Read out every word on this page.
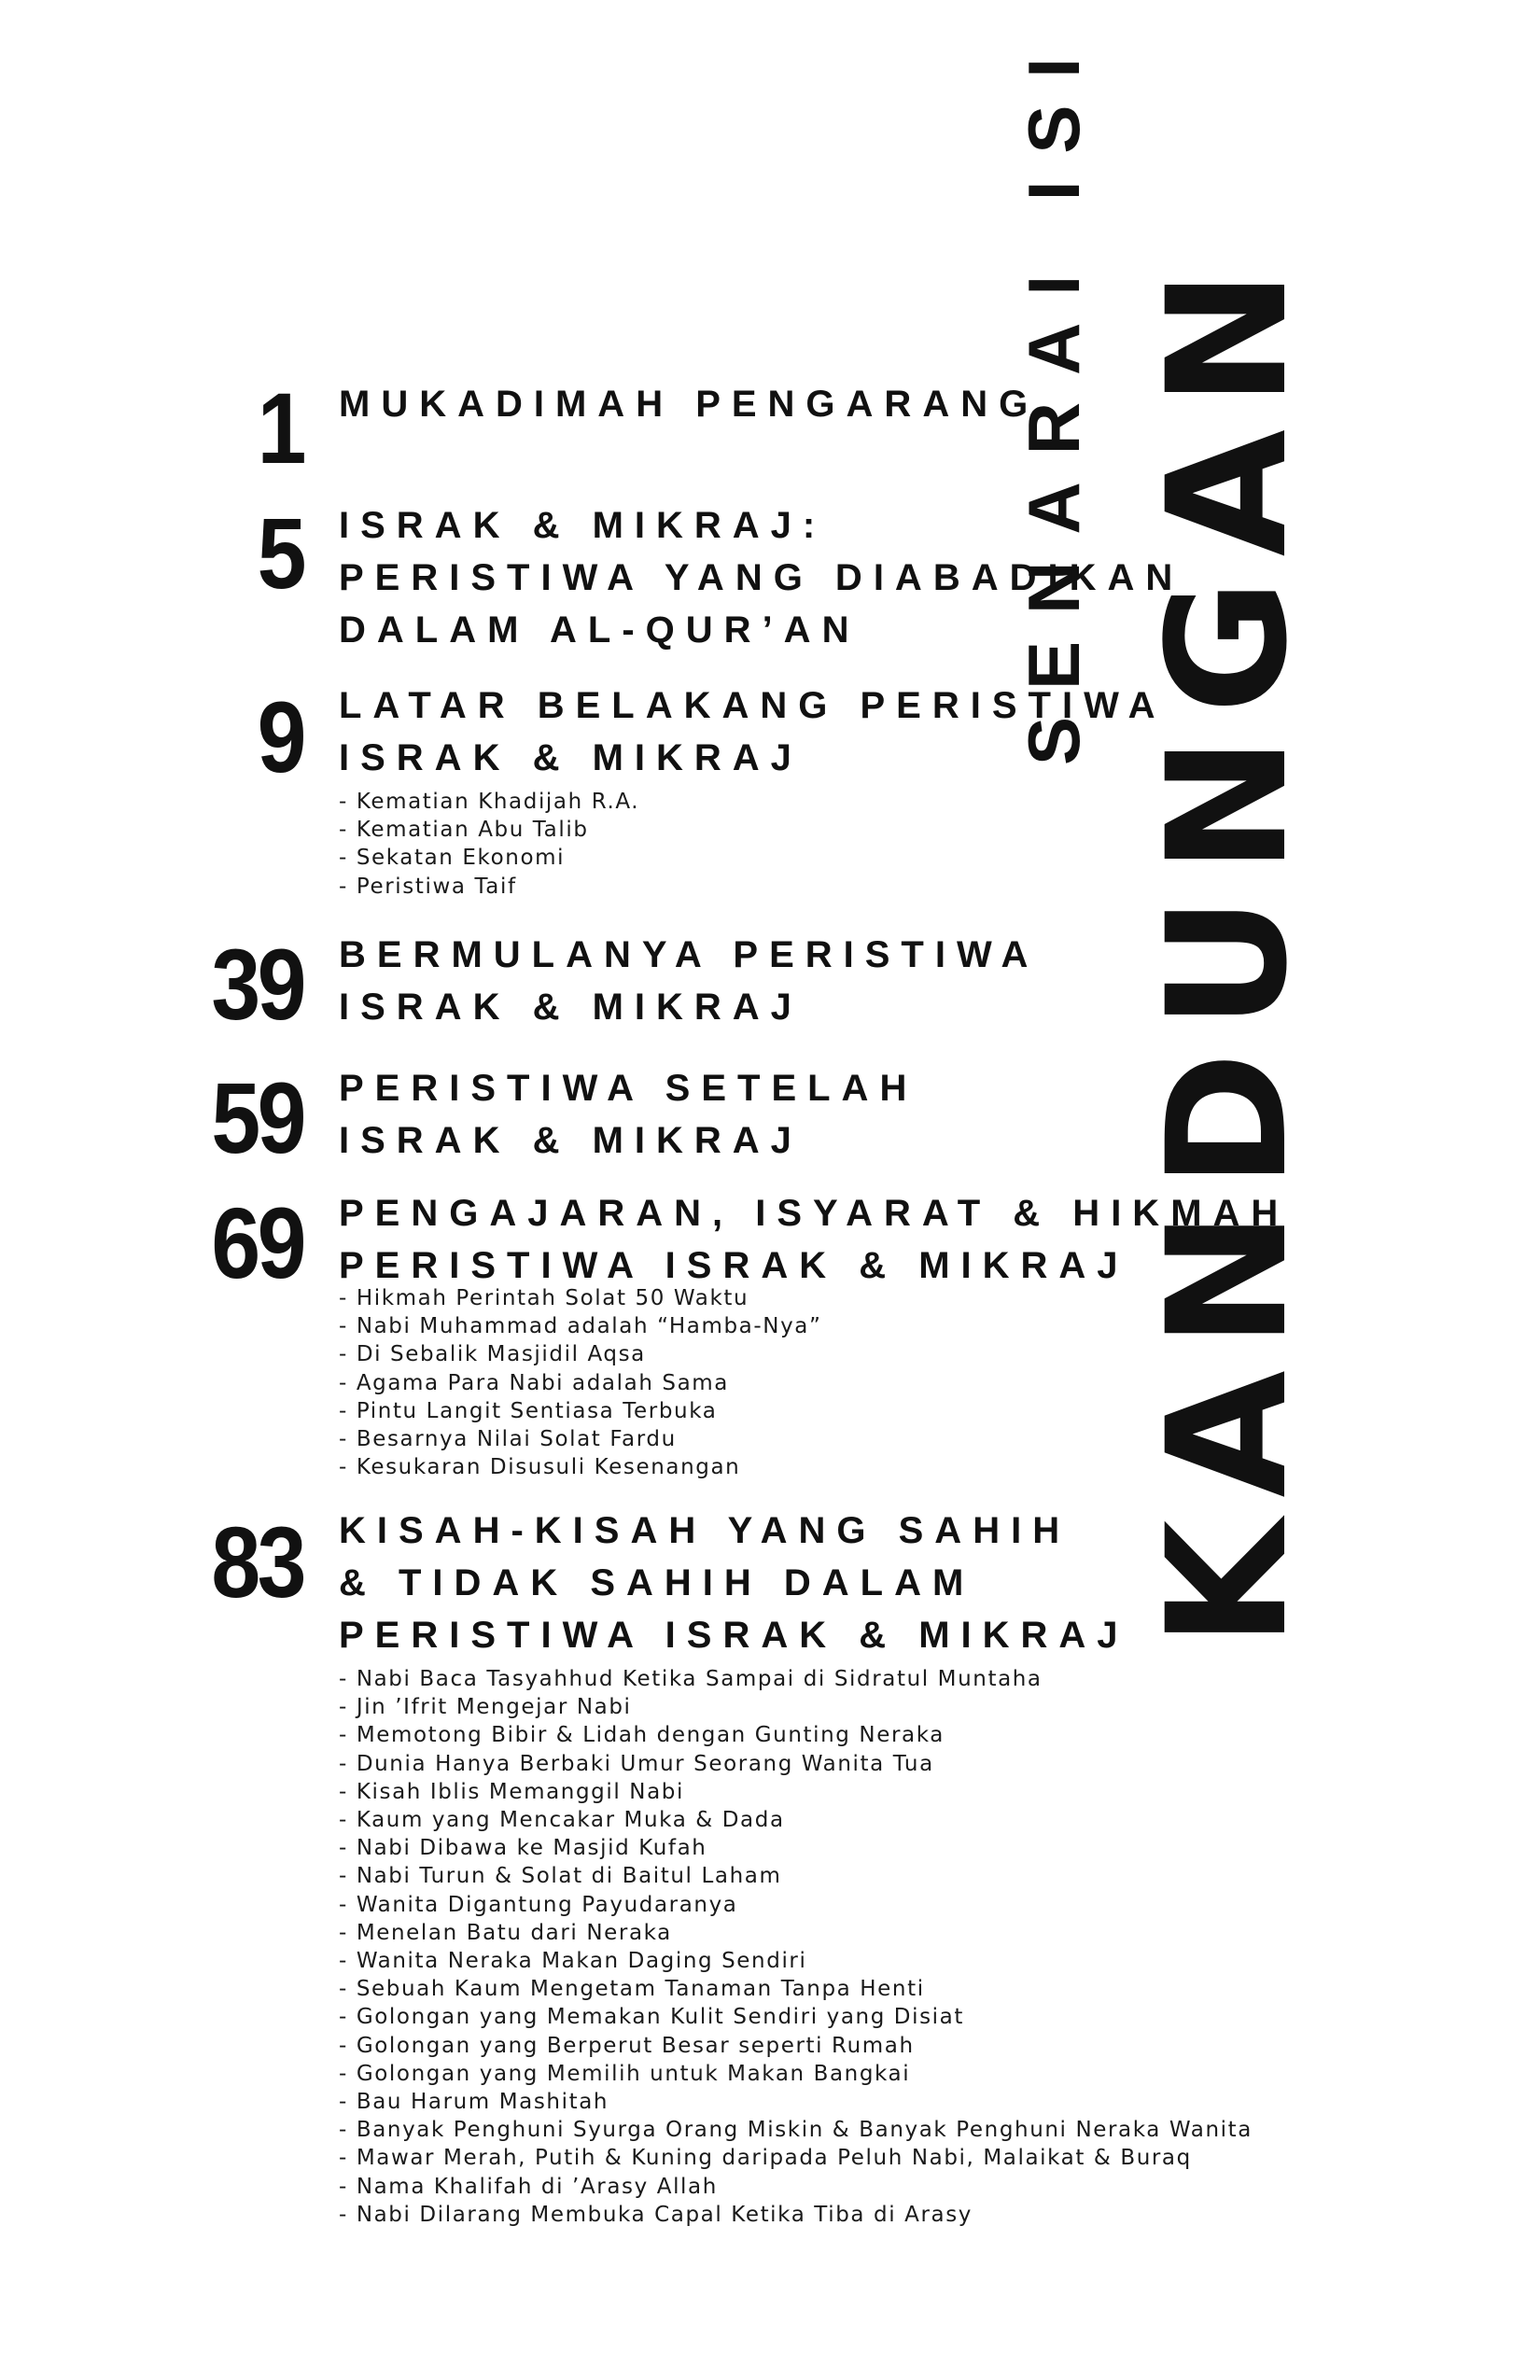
SENARAI ISI KANDUNGAN
1 MUKADIMAH PENGARANG
5 ISRAK & MIKRAJ:
PERISTIWA YANG DIABADIKAN
DALAM AL-QUR’AN
9 LATAR BELAKANG PERISTIWA
ISRAK & MIKRAJ
- Kematian Khadijah R.A.
- Kematian Abu Talib
- Sekatan Ekonomi
- Peristiwa Taif
39 BERMULANYA PERISTIWA
ISRAK & MIKRAJ
59 PERISTIWA SETELAH
ISRAK & MIKRAJ
69 PENGAJARAN, ISYARAT & HIKMAH
PERISTIWA ISRAK & MIKRAJ
- Hikmah Perintah Solat 50 Waktu
- Nabi Muhammad adalah “Hamba-Nya”
- Di Sebalik Masjidil Aqsa
- Agama Para Nabi adalah Sama
- Pintu Langit Sentiasa Terbuka
- Besarnya Nilai Solat Fardu
- Kesukaran Disusuli Kesenangan
83 KISAH-KISAH YANG SAHIH
& TIDAK SAHIH DALAM
PERISTIWA ISRAK & MIKRAJ
- Nabi Baca Tasyahhud Ketika Sampai di Sidratul Muntaha
- Jin ’Ifrit Mengejar Nabi
- Memotong Bibir & Lidah dengan Gunting Neraka
- Dunia Hanya Berbaki Umur Seorang Wanita Tua
- Kisah Iblis Memanggil Nabi
- Kaum yang Mencakar Muka & Dada
- Nabi Dibawa ke Masjid Kufah
- Nabi Turun & Solat di Baitul Laham
- Wanita Digantung Payudaranya
- Menelan Batu dari Neraka
- Wanita Neraka Makan Daging Sendiri
- Sebuah Kaum Mengetam Tanaman Tanpa Henti
- Golongan yang Memakan Kulit Sendiri yang Disiat
- Golongan yang Berperut Besar seperti Rumah
- Golongan yang Memilih untuk Makan Bangkai
- Bau Harum Mashitah
- Banyak Penghuni Syurga Orang Miskin & Banyak Penghuni Neraka Wanita
- Mawar Merah, Putih & Kuning daripada Peluh Nabi, Malaikat & Buraq
- Nama Khalifah di ’Arasy Allah
- Nabi Dilarang Membuka Capal Ketika Tiba di Arasy
